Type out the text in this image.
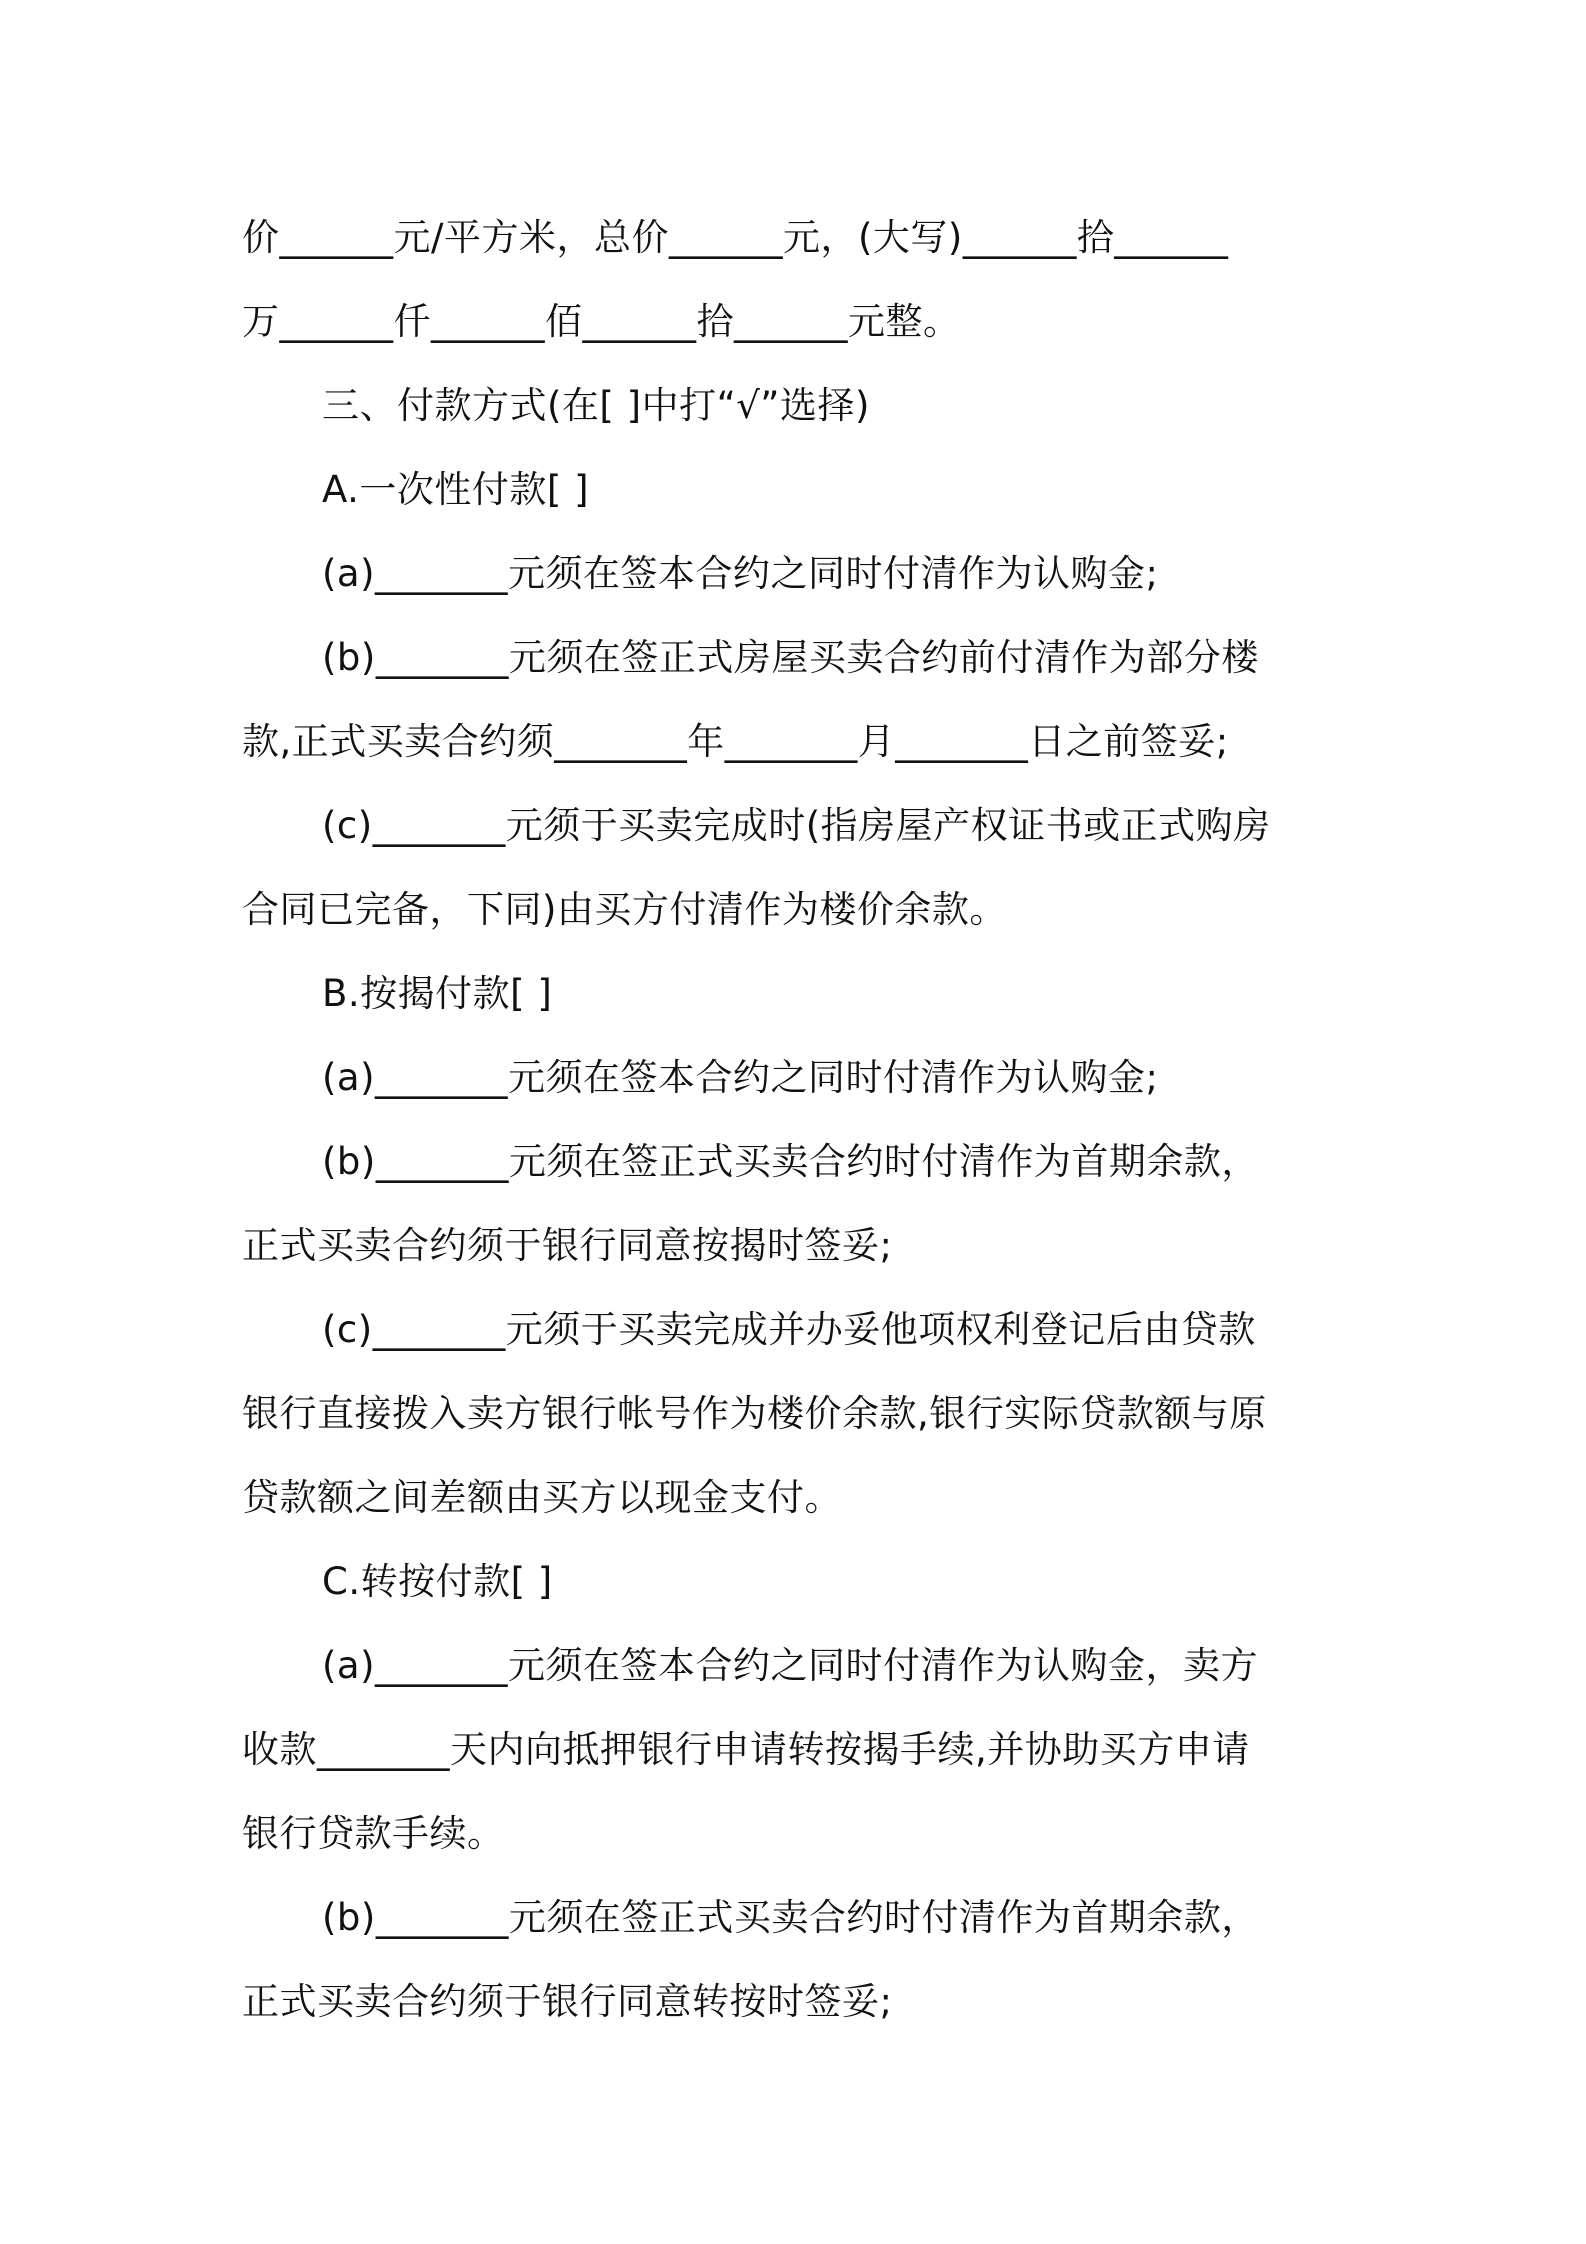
价______元/平方米，总价______元，(大写)______拾______

万______仟______佰______拾______元整。

三、付款方式(在[ ]中打“√”选择)

A.一次性付款[ ]

(a)_______元须在签本合约之同时付清作为认购金;

(b)_______元须在签正式房屋买卖合约前付清作为部分楼

款,正式买卖合约须_______年_______月_______日之前签妥;

(c)_______元须于买卖完成时(指房屋产权证书或正式购房

合同已完备，下同)由买方付清作为楼价余款。

B.按揭付款[ ]

(a)_______元须在签本合约之同时付清作为认购金;

(b)_______元须在签正式买卖合约时付清作为首期余款，

正式买卖合约须于银行同意按揭时签妥;

(c)_______元须于买卖完成并办妥他项权利登记后由贷款

银行直接拨入卖方银行帐号作为楼价余款,银行实际贷款额与原

贷款额之间差额由买方以现金支付。

C.转按付款[ ]

(a)_______元须在签本合约之同时付清作为认购金，卖方

收款_______天内向抵押银行申请转按揭手续,并协助买方申请

银行贷款手续。

(b)_______元须在签正式买卖合约时付清作为首期余款，

正式买卖合约须于银行同意转按时签妥;
